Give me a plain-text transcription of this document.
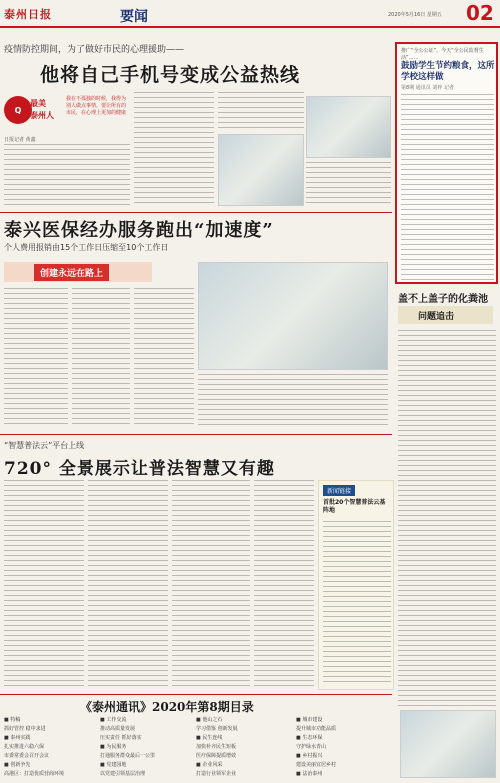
泰州日报	要闻	2020年5月16日 星期五 02
疫情防控期间，为了做好市民的心理援助——
他将自己手机号变成公益热线
Q
最美
泰州人
我在不孤独的时候，我得为别人做点事情。要让所有的市民，在心理上更加的健康
日报记者 黄鑫
推广“全公公证”，今天“全公民监督生活”……
鼓励学生节约粮食，这所学校这样做
第8期 通讯员 刘梓 记者
泰兴医保经办服务跑出“加速度”
个人费用报销由15个工作日压缩至10个工作日
创建永远在路上
盖不上盖子的化粪池
问题追击
“智慧普法云”平台上线
720° 全景展示让普法智慧又有趣
新闻链接
首批20个智慧普法云基阵地
《泰州通讯》2020年第8期目录
■ 特稿
抓好管控 稳中求进
■ 泰州实践
扎实推进六稳六保
市委常委会召开会议
■ 创新争先
高港区：打造优质营商环境
■ 工作交流
推动高质量发展
压实责任 抓好落实
■ 为民服务
打通服务群众最后一公里
■ 党建园地
以党建引领基层治理
■ 他山之石
学习借鉴 创新发展
■ 民生连线
加快补齐民生短板
医疗保障提质增效
■ 企业风采
打造行业领军企业
■ 城市建设
提升城市功能品质
■ 生态环保
守护绿水青山
■ 乡村振兴
建设美丽宜居乡村
■ 法治泰州
